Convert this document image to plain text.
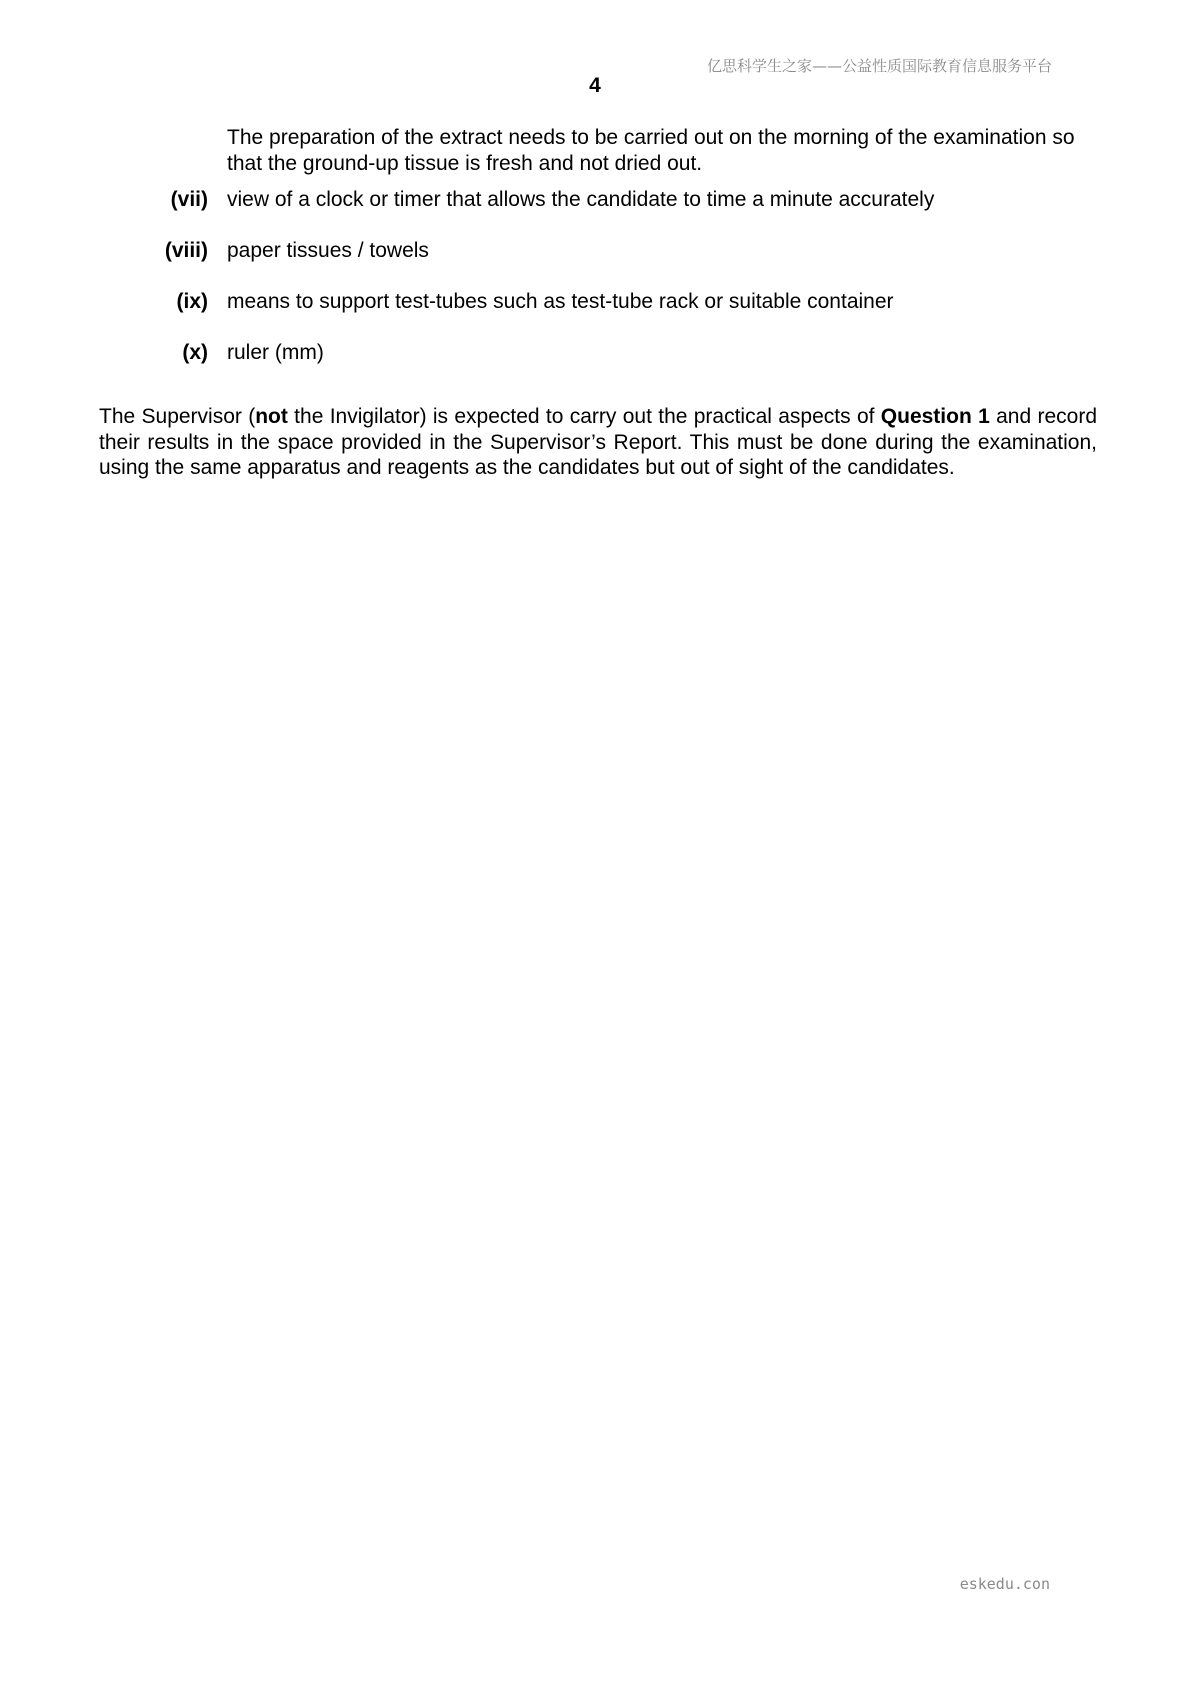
亿思科学生之家——公益性质国际教育信息服务平台
4
The preparation of the extract needs to be carried out on the morning of the examination so that the ground-up tissue is fresh and not dried out.
(vii) view of a clock or timer that allows the candidate to time a minute accurately
(viii) paper tissues / towels
(ix) means to support test-tubes such as test-tube rack or suitable container
(x) ruler (mm)
The Supervisor (not the Invigilator) is expected to carry out the practical aspects of Question 1 and record their results in the space provided in the Supervisor’s Report. This must be done during the examination, using the same apparatus and reagents as the candidates but out of sight of the candidates.
eskedu.con
